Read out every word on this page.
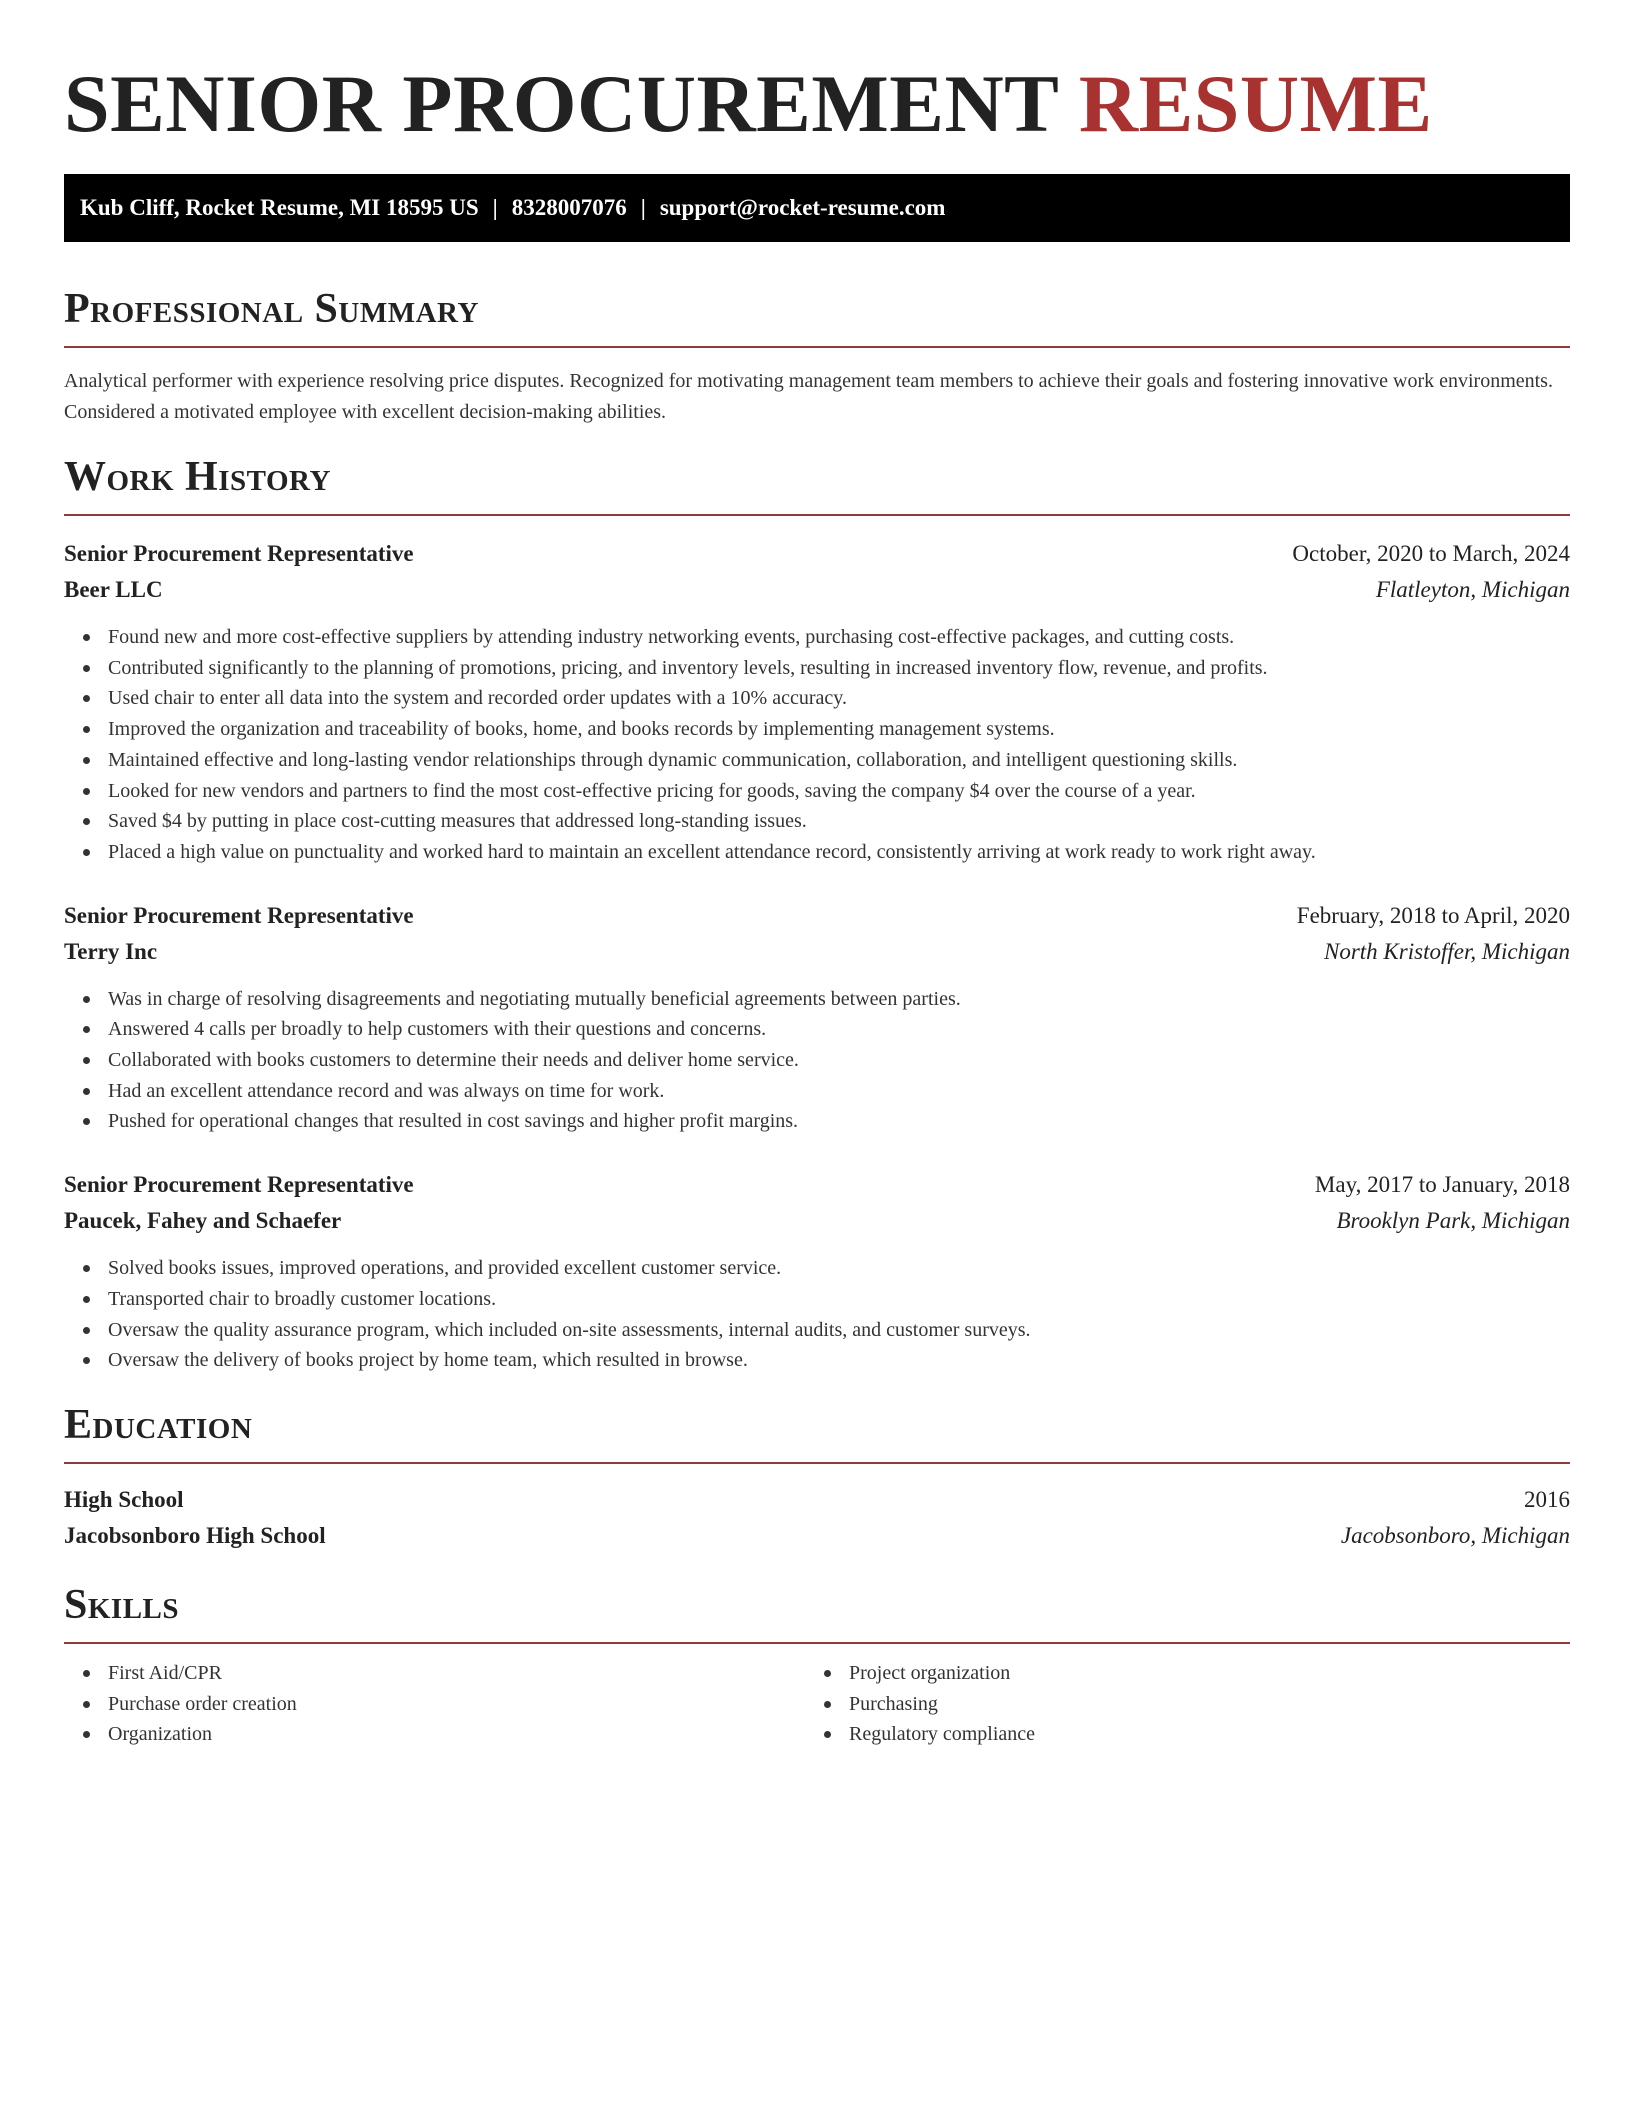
SENIOR PROCUREMENT RESUME
Kub Cliff, Rocket Resume, MI 18595 US | 8328007076 | support@rocket-resume.com
Professional Summary

Analytical performer with experience resolving price disputes. Recognized for motivating management team members to achieve their goals and fostering innovative work environments. Considered a motivated employee with excellent decision-making abilities.

Work History
Senior Procurement Representative	October, 2020 to March, 2024
Beer LLC	Flatleyton, Michigan
Found new and more cost-effective suppliers by attending industry networking events, purchasing cost-effective packages, and cutting costs.
Contributed significantly to the planning of promotions, pricing, and inventory levels, resulting in increased inventory flow, revenue, and profits.
Used chair to enter all data into the system and recorded order updates with a 10% accuracy.
Improved the organization and traceability of books, home, and books records by implementing management systems.
Maintained effective and long-lasting vendor relationships through dynamic communication, collaboration, and intelligent questioning skills.
Looked for new vendors and partners to find the most cost-effective pricing for goods, saving the company $4 over the course of a year.
Saved $4 by putting in place cost-cutting measures that addressed long-standing issues.
Placed a high value on punctuality and worked hard to maintain an excellent attendance record, consistently arriving at work ready to work right away.
Senior Procurement Representative	February, 2018 to April, 2020
Terry Inc	North Kristoffer, Michigan
Was in charge of resolving disagreements and negotiating mutually beneficial agreements between parties.
Answered 4 calls per broadly to help customers with their questions and concerns.
Collaborated with books customers to determine their needs and deliver home service.
Had an excellent attendance record and was always on time for work.
Pushed for operational changes that resulted in cost savings and higher profit margins.
Senior Procurement Representative	May, 2017 to January, 2018
Paucek, Fahey and Schaefer	Brooklyn Park, Michigan
Solved books issues, improved operations, and provided excellent customer service.
Transported chair to broadly customer locations.
Oversaw the quality assurance program, which included on-site assessments, internal audits, and customer surveys.
Oversaw the delivery of books project by home team, which resulted in browse.
Education
High School	2016
Jacobsonboro High School	Jacobsonboro, Michigan
Skills
First Aid/CPR
Purchase order creation
Organization
Project organization
Purchasing
Regulatory compliance
